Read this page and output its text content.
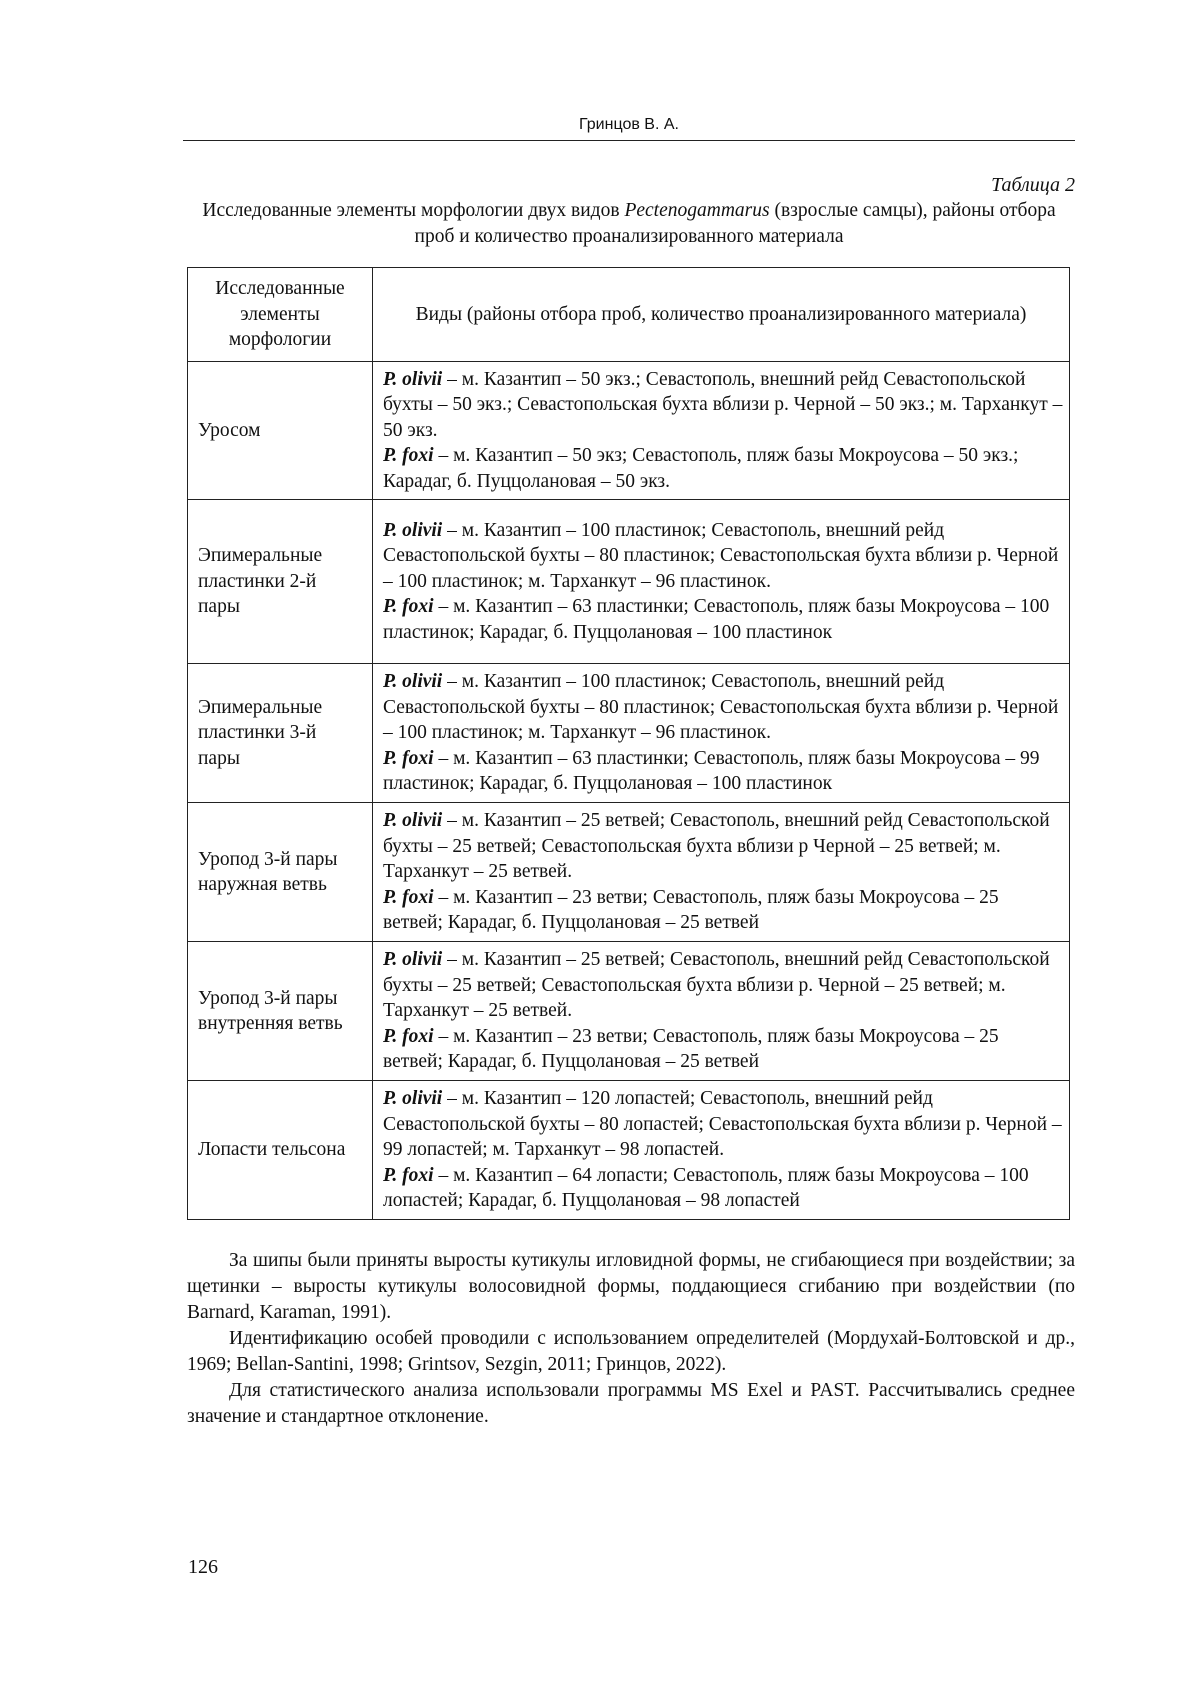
Гринцов В. А.
Таблица 2
Исследованные элементы морфологии двух видов Pectenogammarus (взрослые самцы), районы отбора проб и количество проанализированного материала
Исследованные элементы морфологии	Виды (районы отбора проб, количество проанализированного материала)
Уросом	P. olivii – м. Казантип – 50 экз.; Севастополь, внешний рейд Севастопольской бухты – 50 экз.; Севастопольская бухта вблизи р. Черной – 50 экз.; м. Тарханкут – 50 экз.

P. foxi – м. Казантип – 50 экз; Севастополь, пляж базы Мокроусова – 50 экз.; Карадаг, б. Пуццолановая – 50 экз.

Эпимеральные пластинки 2-й пары	P. olivii – м. Казантип – 100 пластинок; Севастополь, внешний рейд Севастопольской бухты – 80 пластинок; Севастопольская бухта вблизи р. Черной – 100 пластинок; м. Тарханкут – 96 пластинок.

P. foxi – м. Казантип – 63 пластинки; Севастополь, пляж базы Мокроусова – 100 пластинок; Карадаг, б. Пуццолановая – 100 пластинок

Эпимеральные пластинки 3-й пары	P. olivii – м. Казантип – 100 пластинок; Севастополь, внешний рейд Севастопольской бухты – 80 пластинок; Севастопольская бухта вблизи р. Черной – 100 пластинок; м. Тарханкут – 96 пластинок.

P. foxi – м. Казантип – 63 пластинки; Севастополь, пляж базы Мокроусова – 99 пластинок; Карадаг, б. Пуццолановая – 100 пластинок

Уропод 3-й пары наружная ветвь	P. olivii – м. Казантип – 25 ветвей; Севастополь, внешний рейд Севастопольской бухты – 25 ветвей; Севастопольская бухта вблизи р Черной – 25 ветвей; м. Тарханкут – 25 ветвей.

P. foxi – м. Казантип – 23 ветви; Севастополь, пляж базы Мокроусова – 25 ветвей; Карадаг, б. Пуццолановая – 25 ветвей

Уропод 3-й пары внутренняя ветвь	P. olivii – м. Казантип – 25 ветвей; Севастополь, внешний рейд Севастопольской бухты – 25 ветвей; Севастопольская бухта вблизи р. Черной – 25 ветвей; м. Тарханкут – 25 ветвей.

P. foxi – м. Казантип – 23 ветви; Севастополь, пляж базы Мокроусова – 25 ветвей; Карадаг, б. Пуццолановая – 25 ветвей

Лопасти тельсона	P. olivii – м. Казантип – 120 лопастей; Севастополь, внешний рейд Севастопольской бухты – 80 лопастей; Севастопольская бухта вблизи р. Черной – 99 лопастей; м. Тарханкут – 98 лопастей.

P. foxi – м. Казантип – 64 лопасти; Севастополь, пляж базы Мокроусова – 100 лопастей; Карадаг, б. Пуццолановая – 98 лопастей

За шипы были приняты выросты кутикулы игловидной формы, не сгибающиеся при воздействии; за щетинки – выросты кутикулы волосовидной формы, поддающиеся сгибанию при воздействии (по Barnard, Karaman, 1991).

Идентификацию особей проводили с использованием определителей (Мордухай-Болтовской и др., 1969; Bellan-Santini, 1998; Grintsov, Sezgin, 2011; Гринцов, 2022).

Для статистического анализа использовали программы MS Exel и PAST. Рассчитывались среднее значение и стандартное отклонение.

126
